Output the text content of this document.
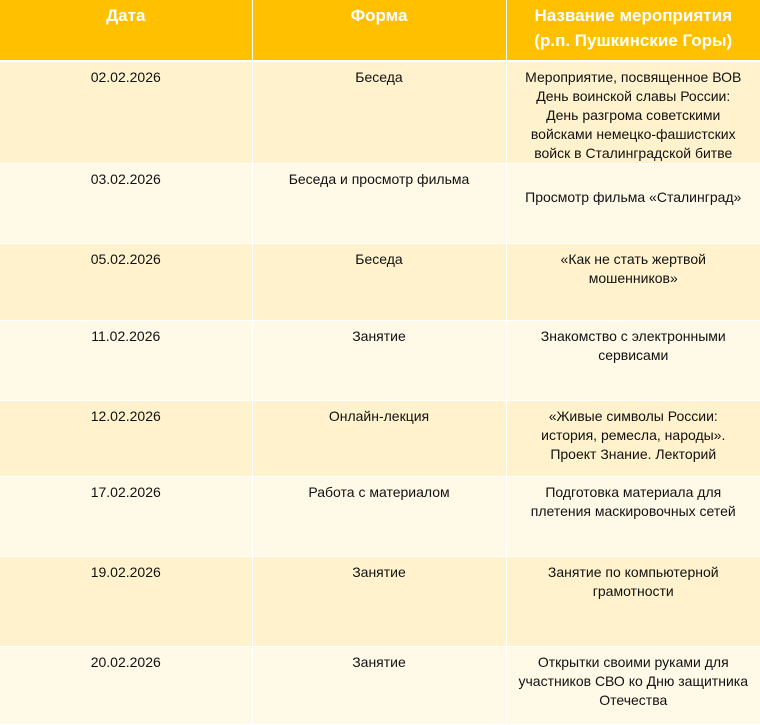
Дата	Форма	Название мероприятия
(р.п. Пушкинские Горы)

02.02.2026	Беседа	Мероприятие, посвященное ВОВ
День воинской славы России:
День разгрома советскими
войсками немецко-фашистских
войск в Сталинградской битве

03.02.2026	Беседа и просмотр фильма	Просмотр фильма «Сталинград»

05.02.2026	Беседа	«Как не стать жертвой
мошенников»

11.02.2026	Занятие	Знакомство с электронными
сервисами

12.02.2026	Онлайн-лекция	«Живые символы России:
история, ремесла, народы».
Проект Знание. Лекторий

17.02.2026	Работа с материалом	Подготовка материала для
плетения маскировочных сетей

19.02.2026	Занятие	Занятие по компьютерной
грамотности

20.02.2026	Занятие	Открытки своими руками для
участников СВО ко Дню защитника
Отечества
